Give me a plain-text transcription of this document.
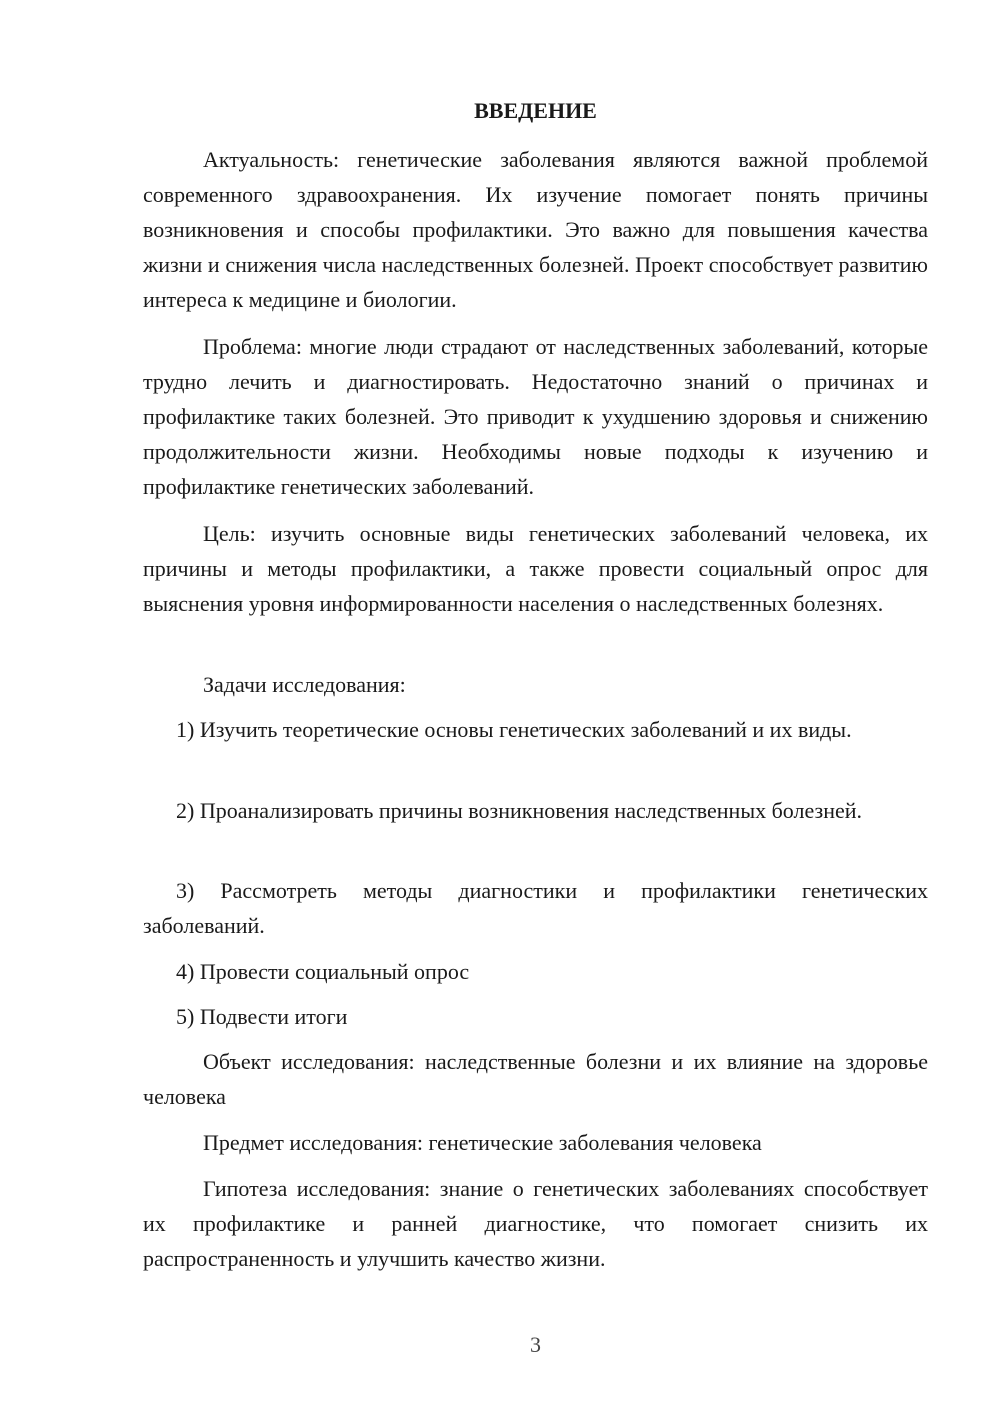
ВВЕДЕНИЕ

Актуальность: генетические заболевания являются важной проблемой современного здравоохранения. Их изучение помогает понять причины возникновения и способы профилактики. Это важно для повышения качества жизни и снижения числа наследственных болезней. Проект способствует развитию интереса к медицине и биологии.

Проблема: многие люди страдают от наследственных заболеваний, которые трудно лечить и диагностировать. Недостаточно знаний о причинах и профилактике таких болезней. Это приводит к ухудшению здоровья и снижению продолжительности жизни. Необходимы новые подходы к изучению и профилактике генетических заболеваний.

Цель: изучить основные виды генетических заболеваний человека, их причины и методы профилактики, а также провести социальный опрос для выяснения уровня информированности населения о наследственных болезнях.

Задачи исследования:

1) Изучить теоретические основы генетических заболеваний и их виды.
2) Проанализировать причины возникновения наследственных болезней.
3) Рассмотреть методы диагностики и профилактики генетических заболеваний.
4) Провести социальный опрос
5) Подвести итоги

Объект исследования: наследственные болезни и их влияние на здоровье человека

Предмет исследования: генетические заболевания человека

Гипотеза исследования: знание о генетических заболеваниях способствует их профилактике и ранней диагностике, что помогает снизить их распространенность и улучшить качество жизни.

3
